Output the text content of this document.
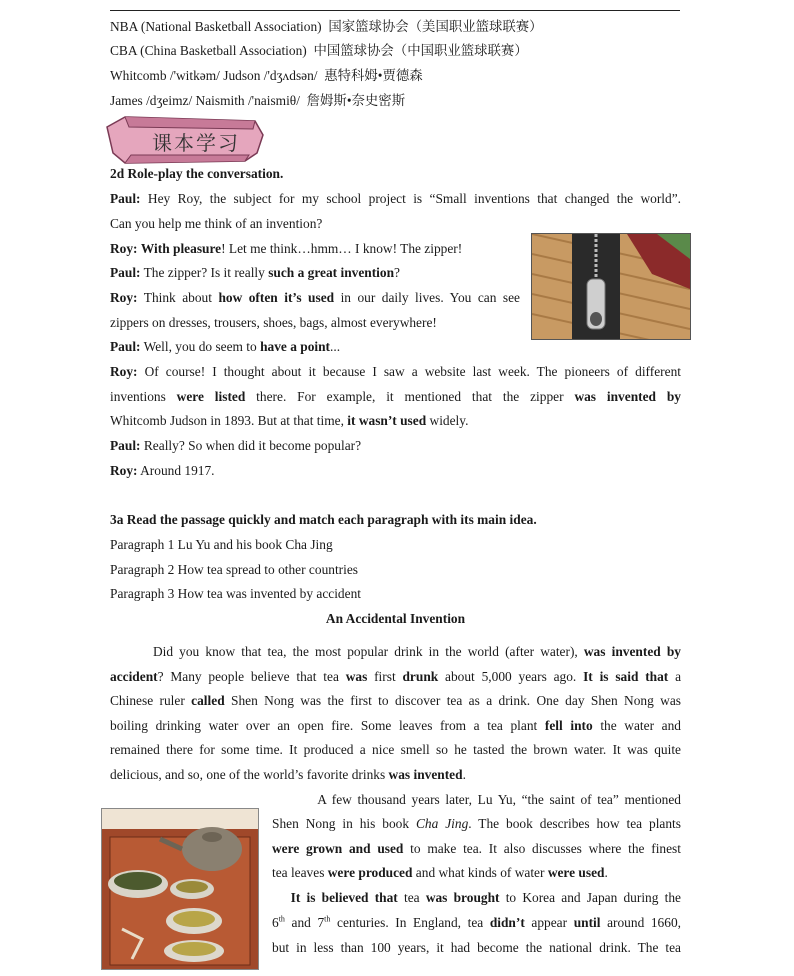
NBA (National Basketball Association) 国家篮球协会（美国职业篮球联赛）
CBA (China Basketball Association) 中国篮球协会（中国职业篮球联赛）
Whitcomb /'witkəm/ Judson /'dʒʌdsən/ 惠特科姆•贾德森
James /dʒeimz/ Naismith /'naismiθ/ 詹姆斯•奈史密斯
课本学习
2d Role-play the conversation.
Paul: Hey Roy, the subject for my school project is “Small inventions that changed the world”.
Can you help me think of an invention?
Roy: With pleasure! Let me think…hmm… I know! The zipper!
Paul: The zipper? Is it really such a great invention?
Roy: Think about how often it’s used in our daily lives. You can see
zippers on dresses, trousers, shoes, bags, almost everywhere!
Paul: Well, you do seem to have a point...
Roy: Of course! I thought about it because I saw a website last week. The pioneers of different
inventions were listed there. For example, it mentioned that the zipper was invented by
Whitcomb Judson in 1893. But at that time, it wasn’t used widely.
Paul: Really? So when did it become popular?
Roy: Around 1917.
3a Read the passage quickly and match each paragraph with its main idea.
Paragraph 1 Lu Yu and his book Cha Jing
Paragraph 2 How tea spread to other countries
Paragraph 3 How tea was invented by accident
An Accidental Invention
Did you know that tea, the most popular drink in the world (after water), was invented by
accident? Many people believe that tea was first drunk about 5,000 years ago. It is said that a
Chinese ruler called Shen Nong was the first to discover tea as a drink. One day Shen Nong was
boiling drinking water over an open fire. Some leaves from a tea plant fell into the water and
remained there for some time. It produced a nice smell so he tasted the brown water. It was quite
delicious, and so, one of the world’s favorite drinks was invented.
A few thousand years later, Lu Yu, “the saint of tea” mentioned
Shen Nong in his book Cha Jing. The book describes how tea plants
were grown and used to make tea. It also discusses where the finest
tea leaves were produced and what kinds of water were used.
It is believed that tea was brought to Korea and Japan during the
6th and 7th centuries. In England, tea didn’t appear until around 1660,
but in less than 100 years, it had become the national drink. The tea
